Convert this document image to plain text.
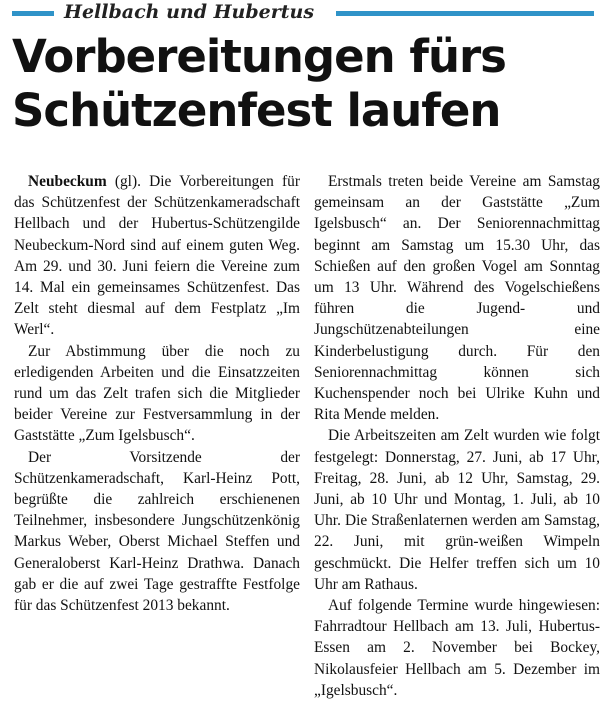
Hellbach und Hubertus
Vorbereitungen fürs
Schützenfest laufen

Neubeckum (gl). Die Vorbereitungen für das Schützenfest der Schützenkameradschaft Hellbach und der Hubertus-Schützengilde Neubeckum-Nord sind auf einem guten Weg. Am 29. und 30. Juni feiern die Vereine zum 14. Mal ein gemeinsames Schützenfest. Das Zelt steht diesmal auf dem Festplatz „Im Werl“.

Zur Abstimmung über die noch zu erledigenden Arbeiten und die Einsatzzeiten rund um das Zelt trafen sich die Mitglieder beider Vereine zur Festversammlung in der Gaststätte „Zum Igelsbusch“.

Der Vorsitzende der Schützenkameradschaft, Karl-Heinz Pott, begrüßte die zahlreich erschienenen Teilnehmer, insbesondere Jungschützenkönig Markus Weber, Oberst Michael Steffen und Generaloberst Karl-Heinz Drathwa. Danach gab er die auf zwei Tage gestraffte Festfolge für das Schützenfest 2013 bekannt.

Erstmals treten beide Vereine am Samstag gemeinsam an der Gaststätte „Zum Igelsbusch“ an. Der Seniorennachmittag beginnt am Samstag um 15.30 Uhr, das Schießen auf den großen Vogel am Sonntag um 13 Uhr. Während des Vogelschießens führen die Jugend- und Jungschützenabteilungen eine Kinderbelustigung durch. Für den Seniorennachmittag können sich Kuchenspender noch bei Ulrike Kuhn und Rita Mende melden.

Die Arbeitszeiten am Zelt wurden wie folgt festgelegt: Donnerstag, 27. Juni, ab 17 Uhr, Freitag, 28. Juni, ab 12 Uhr, Samstag, 29. Juni, ab 10 Uhr und Montag, 1. Juli, ab 10 Uhr. Die Straßenlaternen werden am Samstag, 22. Juni, mit grün-weißen Wimpeln geschmückt. Die Helfer treffen sich um 10 Uhr am Rathaus.

Auf folgende Termine wurde hingewiesen: Fahrradtour Hellbach am 13. Juli, Hubertus-Essen am 2. November bei Bockey, Nikolausfeier Hellbach am 5. Dezember im „Igelsbusch“.
